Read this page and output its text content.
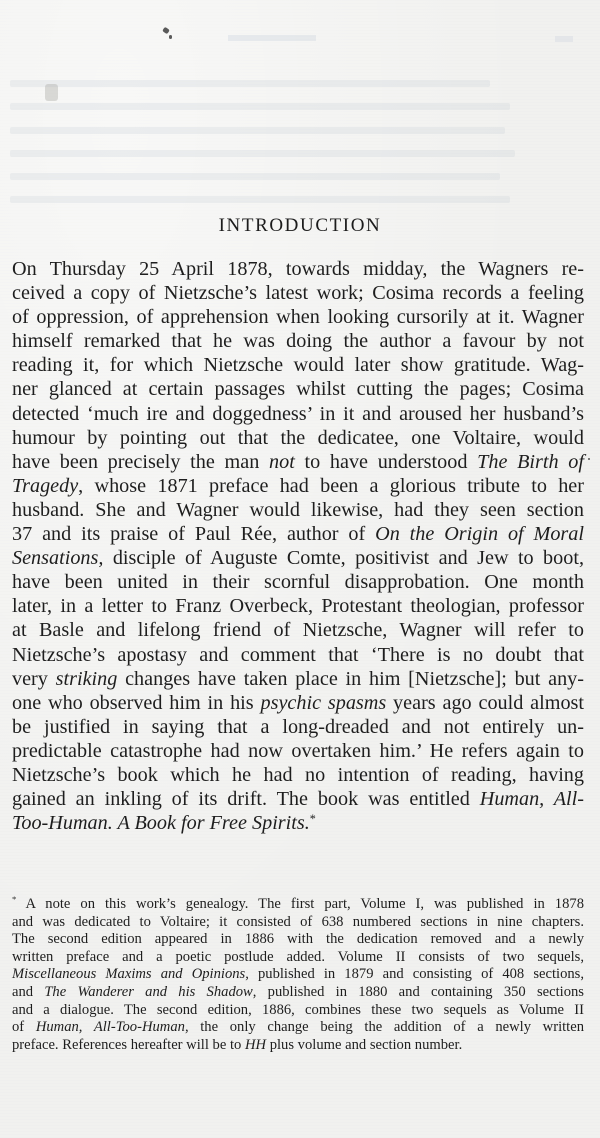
INTRODUCTION
On Thursday 25 April 1878, towards midday, the Wagners re-
ceived a copy of Nietzsche’s latest work; Cosima records a feeling
of oppression, of apprehension when looking cursorily at it. Wagner
himself remarked that he was doing the author a favour by not
reading it, for which Nietzsche would later show gratitude. Wag-
ner glanced at certain passages whilst cutting the pages; Cosima
detected ‘much ire and doggedness’ in it and aroused her husband’s
humour by pointing out that the dedicatee, one Voltaire, would
have been precisely the man not to have understood The Birth of
Tragedy, whose 1871 preface had been a glorious tribute to her
husband. She and Wagner would likewise, had they seen section
37 and its praise of Paul Rée, author of On the Origin of Moral
Sensations, disciple of Auguste Comte, positivist and Jew to boot,
have been united in their scornful disapprobation. One month
later, in a letter to Franz Overbeck, Protestant theologian, professor
at Basle and lifelong friend of Nietzsche, Wagner will refer to
Nietzsche’s apostasy and comment that ‘There is no doubt that
very striking changes have taken place in him [Nietzsche]; but any-
one who observed him in his psychic spasms years ago could almost
be justified in saying that a long-dreaded and not entirely un-
predictable catastrophe had now overtaken him.’ He refers again to
Nietzsche’s book which he had no intention of reading, having
gained an inkling of its drift. The book was entitled Human, All-
Too-Human. A Book for Free Spirits.*
* A note on this work’s genealogy. The first part, Volume I, was published in 1878
and was dedicated to Voltaire; it consisted of 638 numbered sections in nine chapters.
The second edition appeared in 1886 with the dedication removed and a newly
written preface and a poetic postlude added. Volume II consists of two sequels,
Miscellaneous Maxims and Opinions, published in 1879 and consisting of 408 sections,
and The Wanderer and his Shadow, published in 1880 and containing 350 sections
and a dialogue. The second edition, 1886, combines these two sequels as Volume II
of Human, All-Too-Human, the only change being the addition of a newly written
preface. References hereafter will be to HH plus volume and section number.
